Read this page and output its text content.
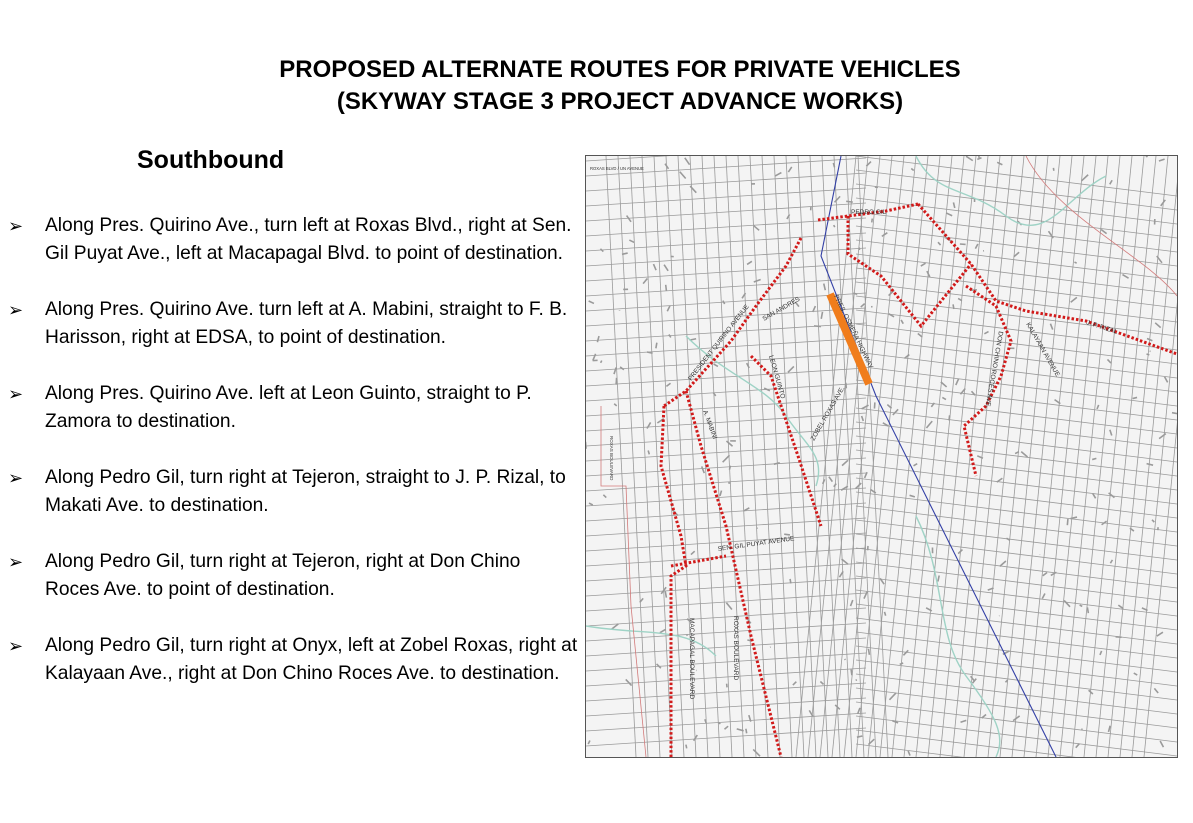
PROPOSED ALTERNATE ROUTES FOR PRIVATE VEHICLES
(SKYWAY STAGE 3 PROJECT ADVANCE WORKS)
Southbound
➢ Along Pres. Quirino Ave., turn left at Roxas Blvd., right at Sen. Gil Puyat Ave., left at Macapagal Blvd. to point of destination.
➢ Along Pres. Quirino Ave. turn left at A. Mabini, straight to F. B. Harisson, right at EDSA, to point of destination.
➢ Along Pres. Quirino Ave. left at Leon Guinto, straight to P. Zamora to destination.
➢ Along Pedro Gil, turn right at Tejeron, straight to J. P. Rizal, to Makati Ave. to destination.
➢ Along Pedro Gil, turn right at Tejeron, right at Don Chino Roces Ave. to point of destination.
➢ Along Pedro Gil, turn right at Onyx, left at Zobel Roxas, right at Kalayaan Ave., right at Don Chino Roces Ave. to destination.
PEDRO GIL
J. P. RIZAL
KALAYAAN AVENUE
DON CHINO ROCES AVE.
PRES. OSMEÑA HIGHWAY
ZOBEL ROXAS AVE.
PRESIDENT QUIRINO AVENUE SAN ANDRES
LEON GUINTO
A. MABINI
SEN. GIL PUYAT AVENUE
MACAPAGAL BOULEVARD	ROXAS BOULEVARD
ROXAS BOULEVARD
ROXAS BLVD / UN AVENUE
